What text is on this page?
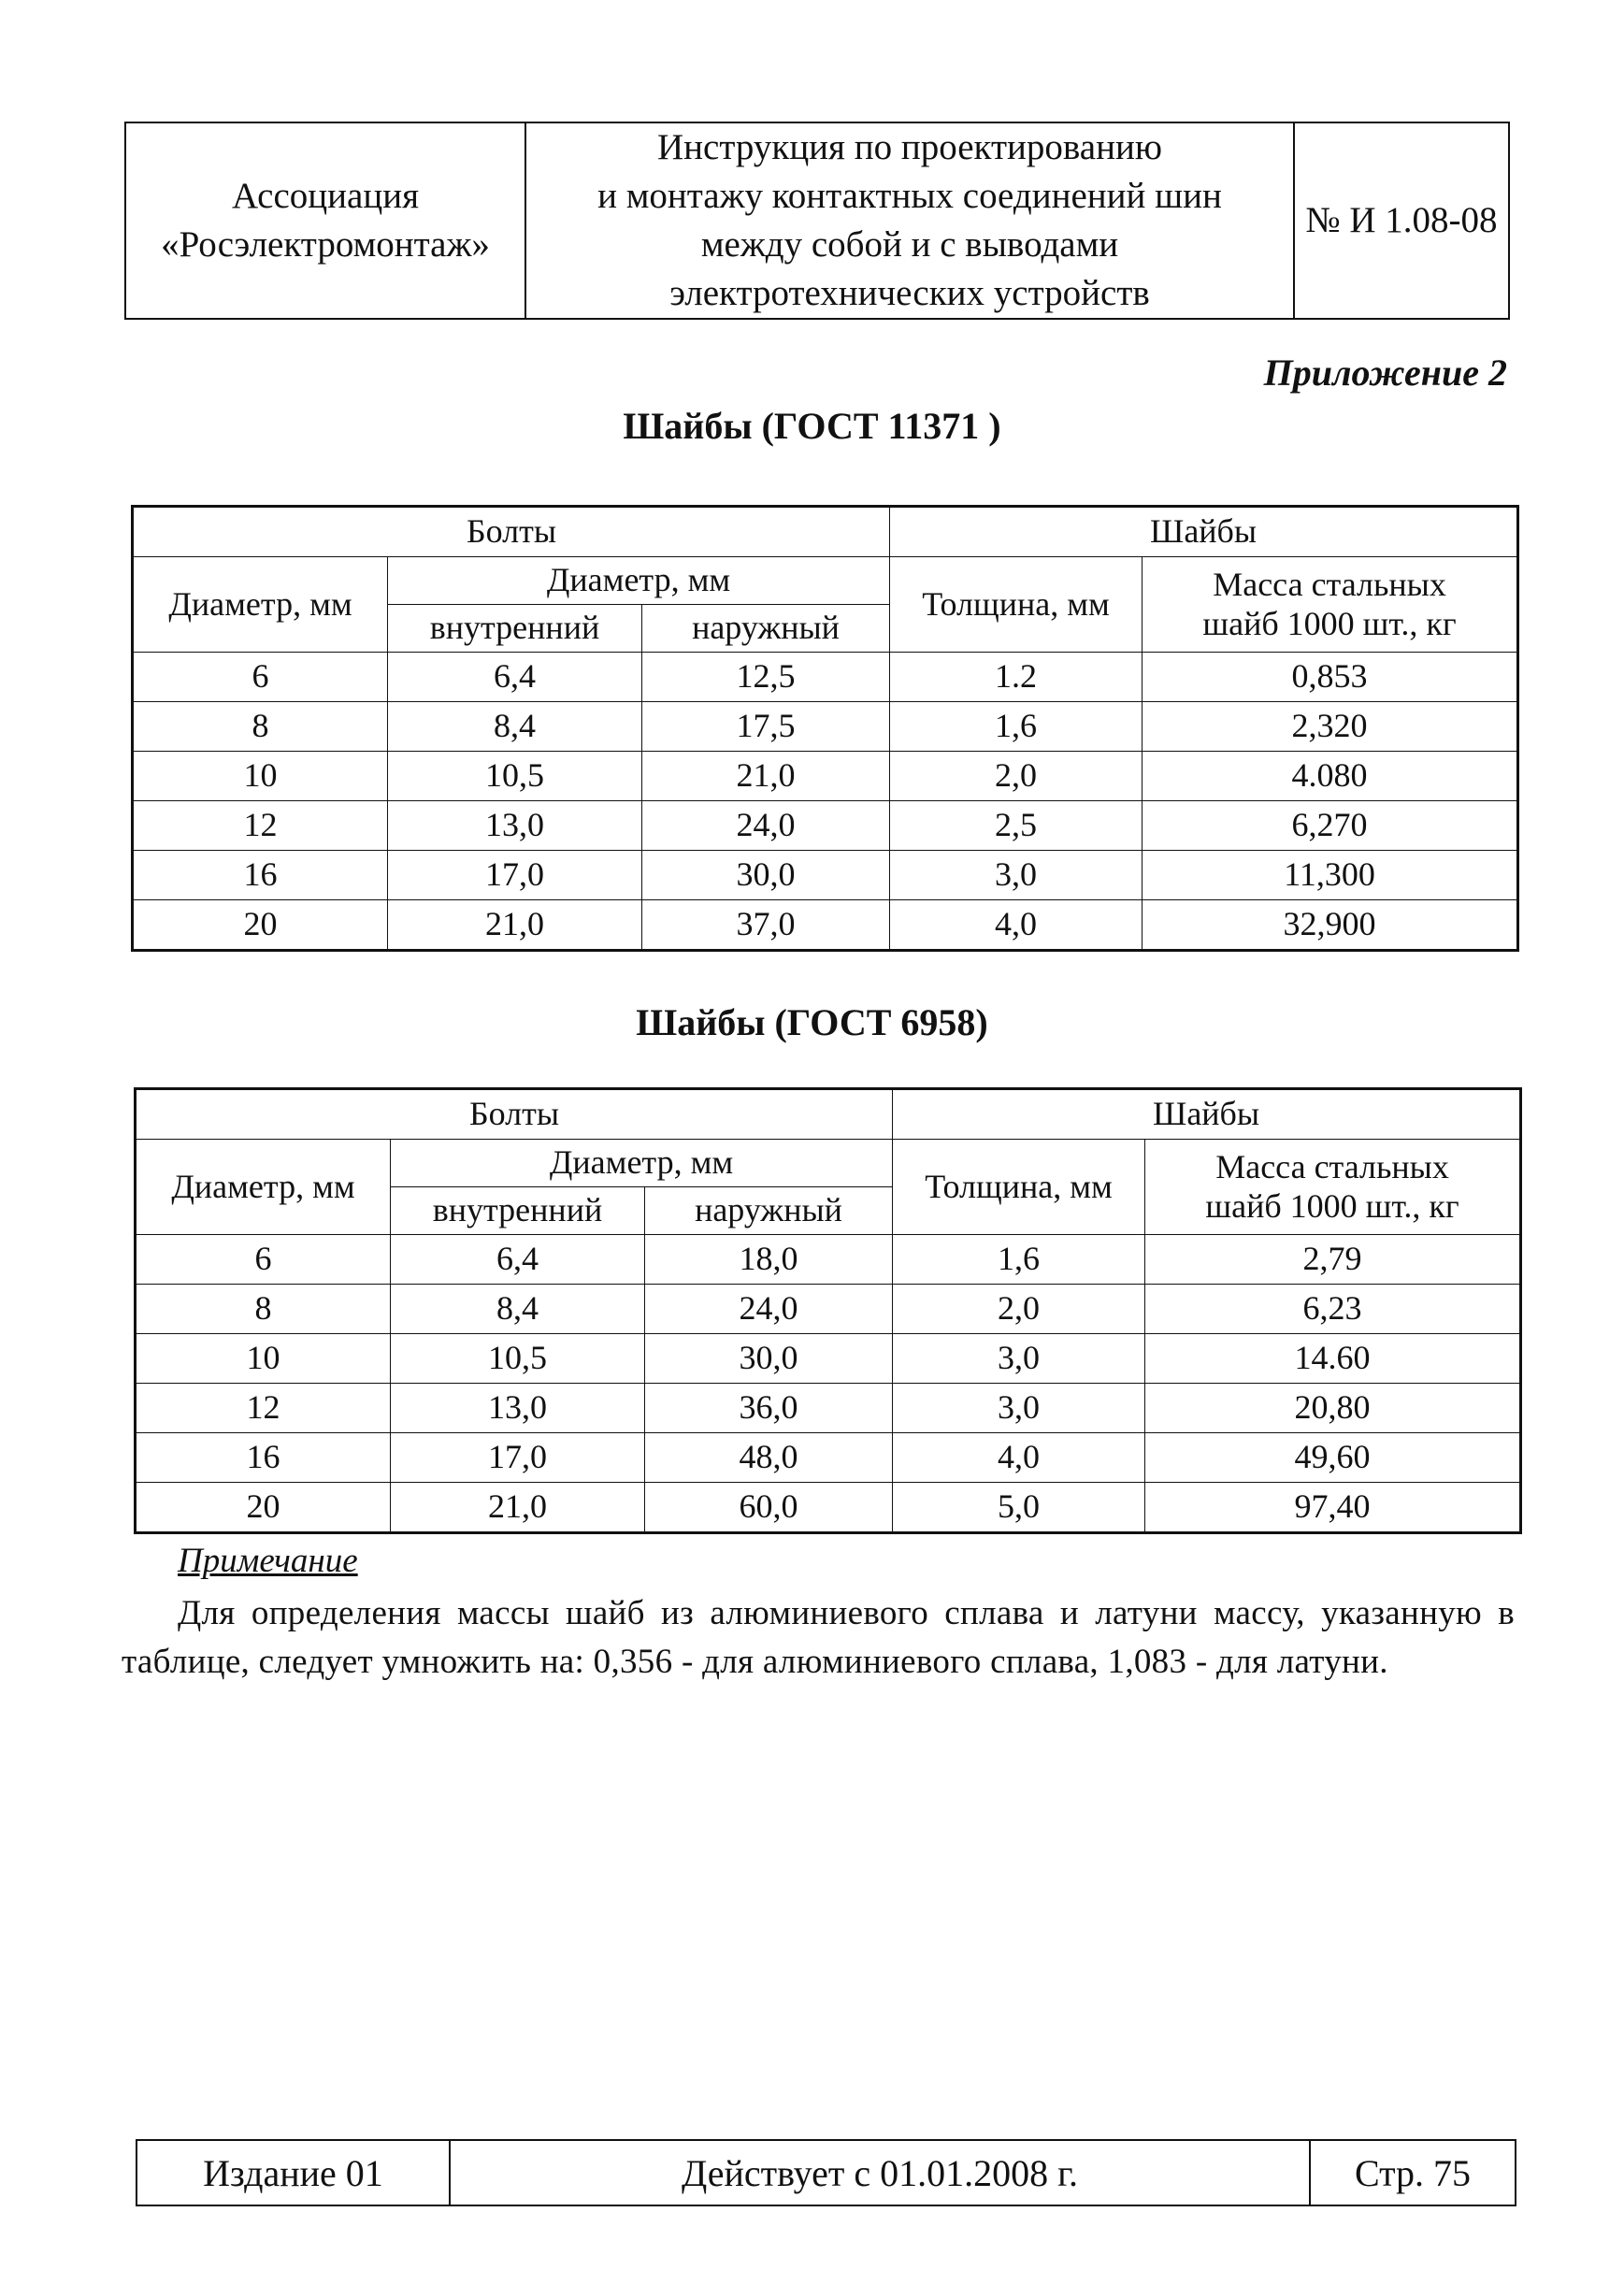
Ассоциация
«Росэлектромонтаж»

Инструкция по проектированию
и монтажу контактных соединений шин
между собой и с выводами
электротехнических устройств
	№ И 1.08-08
Приложение 2
Шайбы (ГОСТ 11371 )
Болты			Шайбы	
Диаметр, мм	Диаметр, мм		Толщина, мм	Масса стальных
шайб 1000 шт., кг

	внутренний	наружный		
6	6,4	12,5	1.2	0,853
8	8,4	17,5	1,6	2,320
10	10,5	21,0	2,0	4.080
12	13,0	24,0	2,5	6,270
16	17,0	30,0	3,0	11,300
20	21,0	37,0	4,0	32,900
Шайбы (ГОСТ 6958)
Болты			Шайбы	
Диаметр, мм	Диаметр, мм		Толщина, мм	Масса стальных
шайб 1000 шт., кг

	внутренний	наружный		
6	6,4	18,0	1,6	2,79
8	8,4	24,0	2,0	6,23
10	10,5	30,0	3,0	14.60
12	13,0	36,0	3,0	20,80
16	17,0	48,0	4,0	49,60
20	21,0	60,0	5,0	97,40
Примечание
Для определения массы шайб из алюминиевого сплава и латуни массу, указанную в таблице, следует умножить на: 0,356 - для алюминиевого сплава, 1,083 - для латуни.
Издание 01	Действует с 01.01.2008 г.	Стр. 75
